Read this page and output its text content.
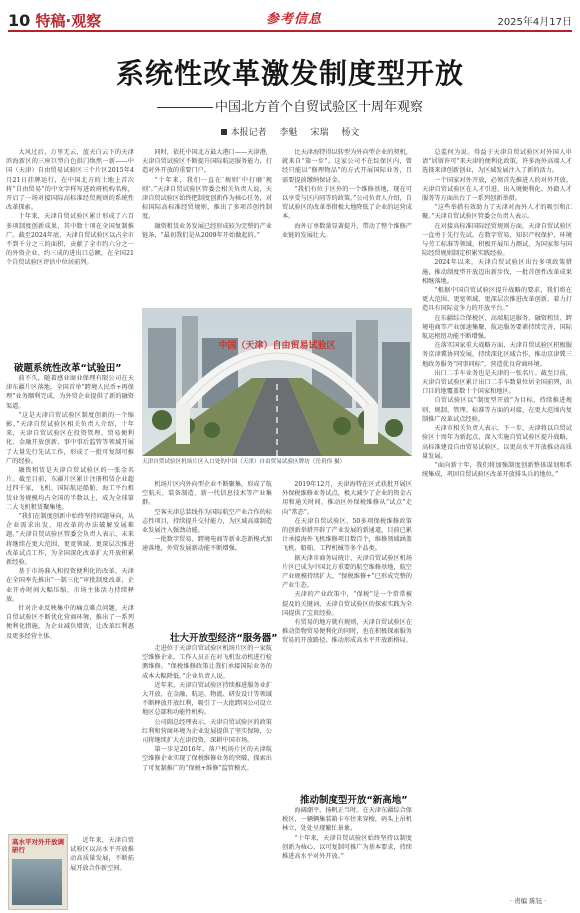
10 特稿·观察	参考信息	2025年4月17日
系统性改革激发制度型开放
中国北方首个自贸试验区十周年观察
本报记者 李魁 宋瑞 杨文

大风过后，万里无云，蓝天白云下的天津滨海新区的三座巨型白色拱门焕然一新——中国（天津）自由贸易试验区三个片区2015年4月21日挂牌运行，在中国北方的土地上首次将“自由贸易”的中文字样写进政府机构名称，开启了一场对接国际高标准经贸规则的系统性改革探索。

十年来，天津自贸试验区累计形成了六百多项制度创新成果，其中数十项在全国复制推广。截至2024年底，天津自贸试验区以占全市不到千分之三的面积，贡献了全市约六分之一的外资企业、约三成的进出口总额，在全国21个自贸试验区评估中位居前列。

破题系统性改革“试验田”

前不久，随着感业商业保理有限公司在天津东疆片区落地，全国首单“跨境人民币+再保理”业务顺利完成，为外贸企业提供了新的融资渠道。

“这是天津自贸试验区制度创新的一个缩影。”天津自贸试验区相关负责人介绍，十年来，天津自贸试验区在投资管理、贸易便利化、金融开放创新、事中事后监管等领域开展了大量先行先试工作，形成了一批可复制可推广的经验。

融资租赁是天津自贸试验区的一张金名片。截至目前，东疆片区累计注册租赁企业超过四千家，飞机、国际航运船舶、海工平台租赁业务规模均占全国的半数以上，成为全球第二大飞机租赁聚集地。

“我们在制度创新中始终坚持问题导向，从企业需求出发，用改革的办法破解发展难题。”天津自贸试验区管委会负责人表示，未来将继续在更大范围、更宽领域、更深层次推进改革试点工作，为全国深化改革扩大开放积累新经验。

基于市场准入和投资便利化的改革，天津在全国率先推出“一制三化”审批制度改革，企业开办时间大幅压缩，市场主体活力持续释放。

针对企业反映集中的痛点难点问题，天津自贸试验区不断优化营商环境，推出了一系列便利化措施，为企业减负增效，让改革红利惠及更多经营主体。

高水平对外开放调研行

近年来，天津自贸试验区以高水平开放推动高质量发展，不断拓展开放合作新空间。

同时，依托中国北方最大港口——天津港，天津自贸试验区不断提升国际航运服务能力，打造对外开放的重要门户。

“十年来，我们一直在‘规则’中打磨‘规则’。”天津自贸试验区管委会相关负责人说，天津自贸试验区始终把制度创新作为核心任务，对标国际高标准经贸规则，推出了多项首创性制度。

融资租赁业务发展已经形成较为完整的产业链条，“最初我们是从2009年开始做起的。”

比天津海特得以转型为外向型企业的契机，就来自“第一步”。这家公司不在综保区内，曾经只能以“修理物品”的方式开展国际业务，且需要提前缴纳保证金。

“我们有位于区外的一个维修基地，现在可以享受与区内同等的政策。”公司负责人介绍，自贸试验区的改革举措极大地降低了企业的运营成本。

海外订单数量显著提升，带动了整个维修产业链的发展壮大。

中国（天津）自由贸易试验区
天津自贸试验区机场片区入口处的中国（天津）自由贸易试验区牌坊（岳玥伟 摄）

机场片区内外向型企业不断聚集，形成了航空航天、装备制造、新一代信息技术等产业集群。

空客天津总装线作为国际航空产业合作的标志性项目，持续提升交付能力，为区域高端制造业发展注入强劲动能。

一批数字贸易、跨境电商等新业态新模式加速落地，外贸发展新动能不断增强。

壮大开放型经济“服务器”

走进位于天津自贸试验区机场片区的一家航空维修企业，工作人员正在对飞机发动机进行检测维修。“保税维修政策让我们承接国际业务的成本大幅降低。”企业负责人说。

近年来，天津自贸试验区持续推进服务业扩大开放，在金融、航运、物流、研发设计等领域不断释放开放红利，吸引了一大批跨国公司设立地区总部和功能性机构。

公司副总经理表示，天津自贸试验区的政策红利和营商环境为企业发展提供了坚实保障，公司将继续扩大在津投资，深耕中国市场。

第一步是2016年，落户机场片区的天津航空维修企业实现了保税维修业务的突破，探索出了可复制推广的“保税+维修”监管模式。

2019年12月，天津海特在区式获批开展区外保税维修业务试点，极大减少了企业的资金占用和通关时间，推动区外保税维修从“试点”走向“常态”。

在天津自贸试验区，50多项保税维修政策的创新举措开辟了产业发展的新通道，目前已累计承接海外飞机维修项目数百个，维修领域涵盖飞机、船舶、工程机械等多个品类。

据天津市商务局统计，天津自贸试验区机场片区已成为中国北方重要的航空维修基地，航空产业规模持续扩大，“保税维修+”已形成完整的产业生态。

天津的产业政策中，“保税”是一个常常被提及的关键词，天津自贸试验区的探索实践为全国提供了宝贵经验。

有贸易的地方就有规则，天津自贸试验区在推动货物贸易便利化的同时，也在积极探索服务贸易的开放路径，推动形成高水平开放新格局。

推动制度型开放“新高地”

海阔潮平，扬帆正当时。在天津东疆综合保税区，一辆辆集装箱卡车往来穿梭，码头上吊机林立，处处呈现繁忙景象。

“十年来，天津自贸试验区始终坚持以制度创新为核心，以可复制可推广为基本要求，持续推进高水平对外开放。”

总监何为说。得益于天津自贸试验区对外国人申请“居留许可”来天津的便利化政策，许多海外高端人才选择来津创新创业，为区域发展注入了新的活力。

一个国家对外开放，必须首先推进人的对外开放。天津自贸试验区在人才引进、出入境便利化、外籍人才服务等方面出台了一系列创新举措。

“这些举措有效助力了天津对海外人才的吸引和汇聚。”天津自贸试验区管委会负责人表示。

在对接高标准国际经贸规则方面，天津自贸试验区一直勇于先行先试。在数字贸易、知识产权保护、环境与劳工标准等领域，积极开展压力测试，为国家参与国际经贸规则制定积累实践经验。

2024年以来，天津自贸试验区出台多项政策措施，推动制度型开放迈出新步伐，一批首创性改革成果相继落地。

“根据中国自贸试验区提升战略的要求，我们将在更大范围、更宽领域、更深层次推进改革创新，着力打造具有国际竞争力的开放平台。”

在东疆综合保税区，高端航运服务、融资租赁、跨境电商等产业加速集聚，航运服务要素持续完善，国际航运枢纽功能不断增强。

在落实国家重大战略方面，天津自贸试验区积极服务京津冀协同发展，持续深化区域合作，推动京津冀三地政务服务“同事同标”，营造优良营商环境。

出口二手车业务也是天津的一张名片。截至目前，天津自贸试验区累计出口二手车数量位居全国前列，出口目的地覆盖数十个国家和地区。

自贸试验区以“制度型开放”为目标，持续推进规则、规制、管理、标准等方面的对接，在更大范围内复制推广改革试点经验。

天津市相关负责人表示，下一步，天津将以自贸试验区十周年为新起点，深入实施自贸试验区提升战略，高标准建设自由贸易试验区，以更高水平开放推动高质量发展。

“面向新十年，我们将加强制度创新整体谋划和系统集成，巩固自贸试验区改革开放排头兵的地位。”

· 责编 陈钰 ·
